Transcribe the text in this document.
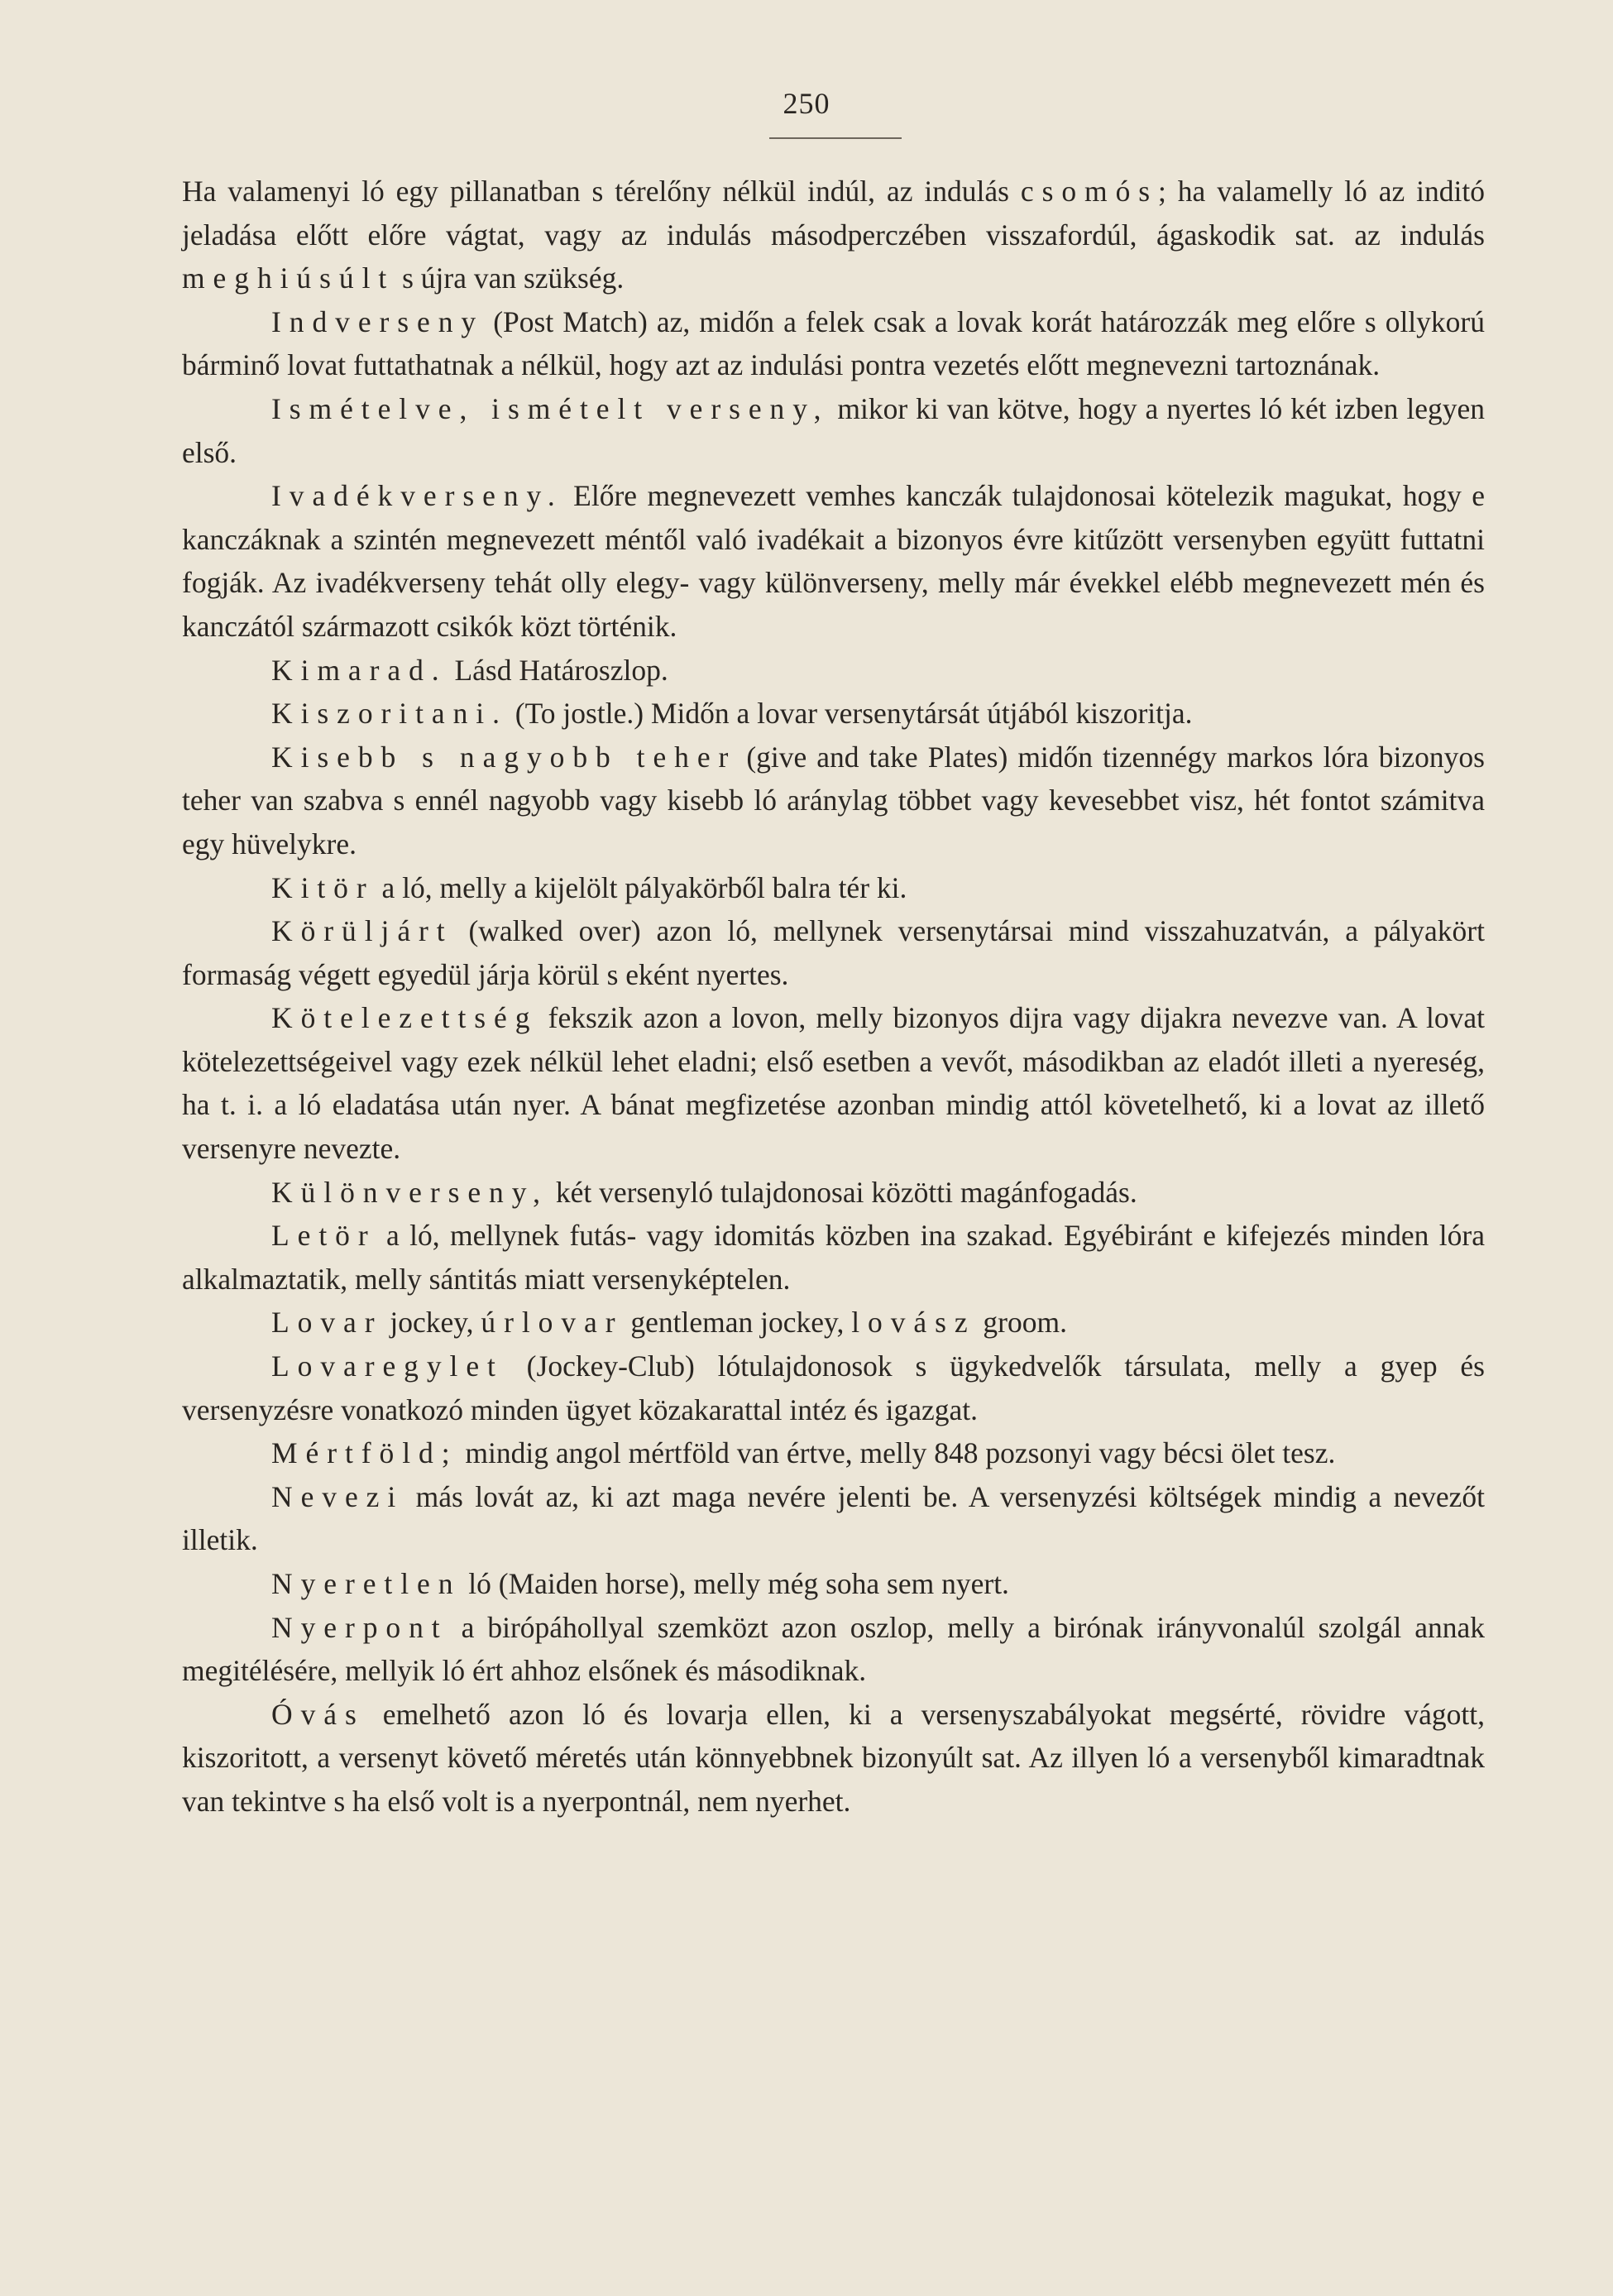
250

Ha valamenyi ló egy pillanatban s térelőny nélkül indúl, az indulás csomós; ha valamelly ló az inditó jeladása előtt előre vágtat, vagy az indulás másodperczében visszafordúl, ágaskodik sat. az indulás meghiúsúlt s újra van szükség.

Indverseny (Post Match) az, midőn a felek csak a lovak korát határozzák meg előre s ollykorú bárminő lovat futtathatnak a nélkül, hogy azt az indulási pontra vezetés előtt megnevezni tartoznának.

Ismételve, ismételt verseny, mikor ki van kötve, hogy a nyertes ló két izben legyen első.

Ivadékverseny. Előre megnevezett vemhes kanczák tulajdonosai kötelezik magukat, hogy e kanczáknak a szintén megnevezett méntől való ivadékait a bizonyos évre kitűzött versenyben együtt futtatni fogják. Az ivadékverseny tehát olly elegy- vagy különverseny, melly már évekkel elébb megnevezett mén és kanczától származott csikók közt történik.

Kimarad. Lásd Határoszlop.

Kiszoritani. (To jostle.) Midőn a lovar versenytársát útjából kiszoritja.

Kisebb s nagyobb teher (give and take Plates) midőn tizennégy markos lóra bizonyos teher van szabva s ennél nagyobb vagy kisebb ló aránylag többet vagy kevesebbet visz, hét fontot számitva egy hüvelykre.

Kitör a ló, melly a kijelölt pályakörből balra tér ki.

Körüljárt (walked over) azon ló, mellynek versenytársai mind visszahuzatván, a pályakört formaság végett egyedül járja körül s eként nyertes.

Kötelezettség fekszik azon a lovon, melly bizonyos dijra vagy dijakra nevezve van. A lovat kötelezettségeivel vagy ezek nélkül lehet eladni; első esetben a vevőt, másodikban az eladót illeti a nyereség, ha t. i. a ló eladatása után nyer. A bánat megfizetése azonban mindig attól követelhető, ki a lovat az illető versenyre nevezte.

Különverseny, két versenyló tulajdonosai közötti magánfogadás.

Letör a ló, mellynek futás- vagy idomitás közben ina szakad. Egyébiránt e kifejezés minden lóra alkalmaztatik, melly sántitás miatt versenyképtelen.

Lovar jockey, úrlovar gentleman jockey, lovász groom.

Lovaregylet (Jockey-Club) lótulajdonosok s ügykedvelők társulata, melly a gyep és versenyzésre vonatkozó minden ügyet közakarattal intéz és igazgat.

Mértföld; mindig angol mértföld van értve, melly 848 pozsonyi vagy bécsi ölet tesz.

Nevezi más lovát az, ki azt maga nevére jelenti be. A versenyzési költségek mindig a nevezőt illetik.

Nyeretlen ló (Maiden horse), melly még soha sem nyert.

Nyerpont a birópáhollyal szemközt azon oszlop, melly a birónak irányvonalúl szolgál annak megitélésére, mellyik ló ért ahhoz elsőnek és másodiknak.

Óvás emelhető azon ló és lovarja ellen, ki a versenyszabályokat megsérté, rövidre vágott, kiszoritott, a versenyt követő méretés után könnyebbnek bizonyúlt sat. Az illyen ló a versenyből kimaradtnak van tekintve s ha első volt is a nyerpontnál, nem nyerhet.
